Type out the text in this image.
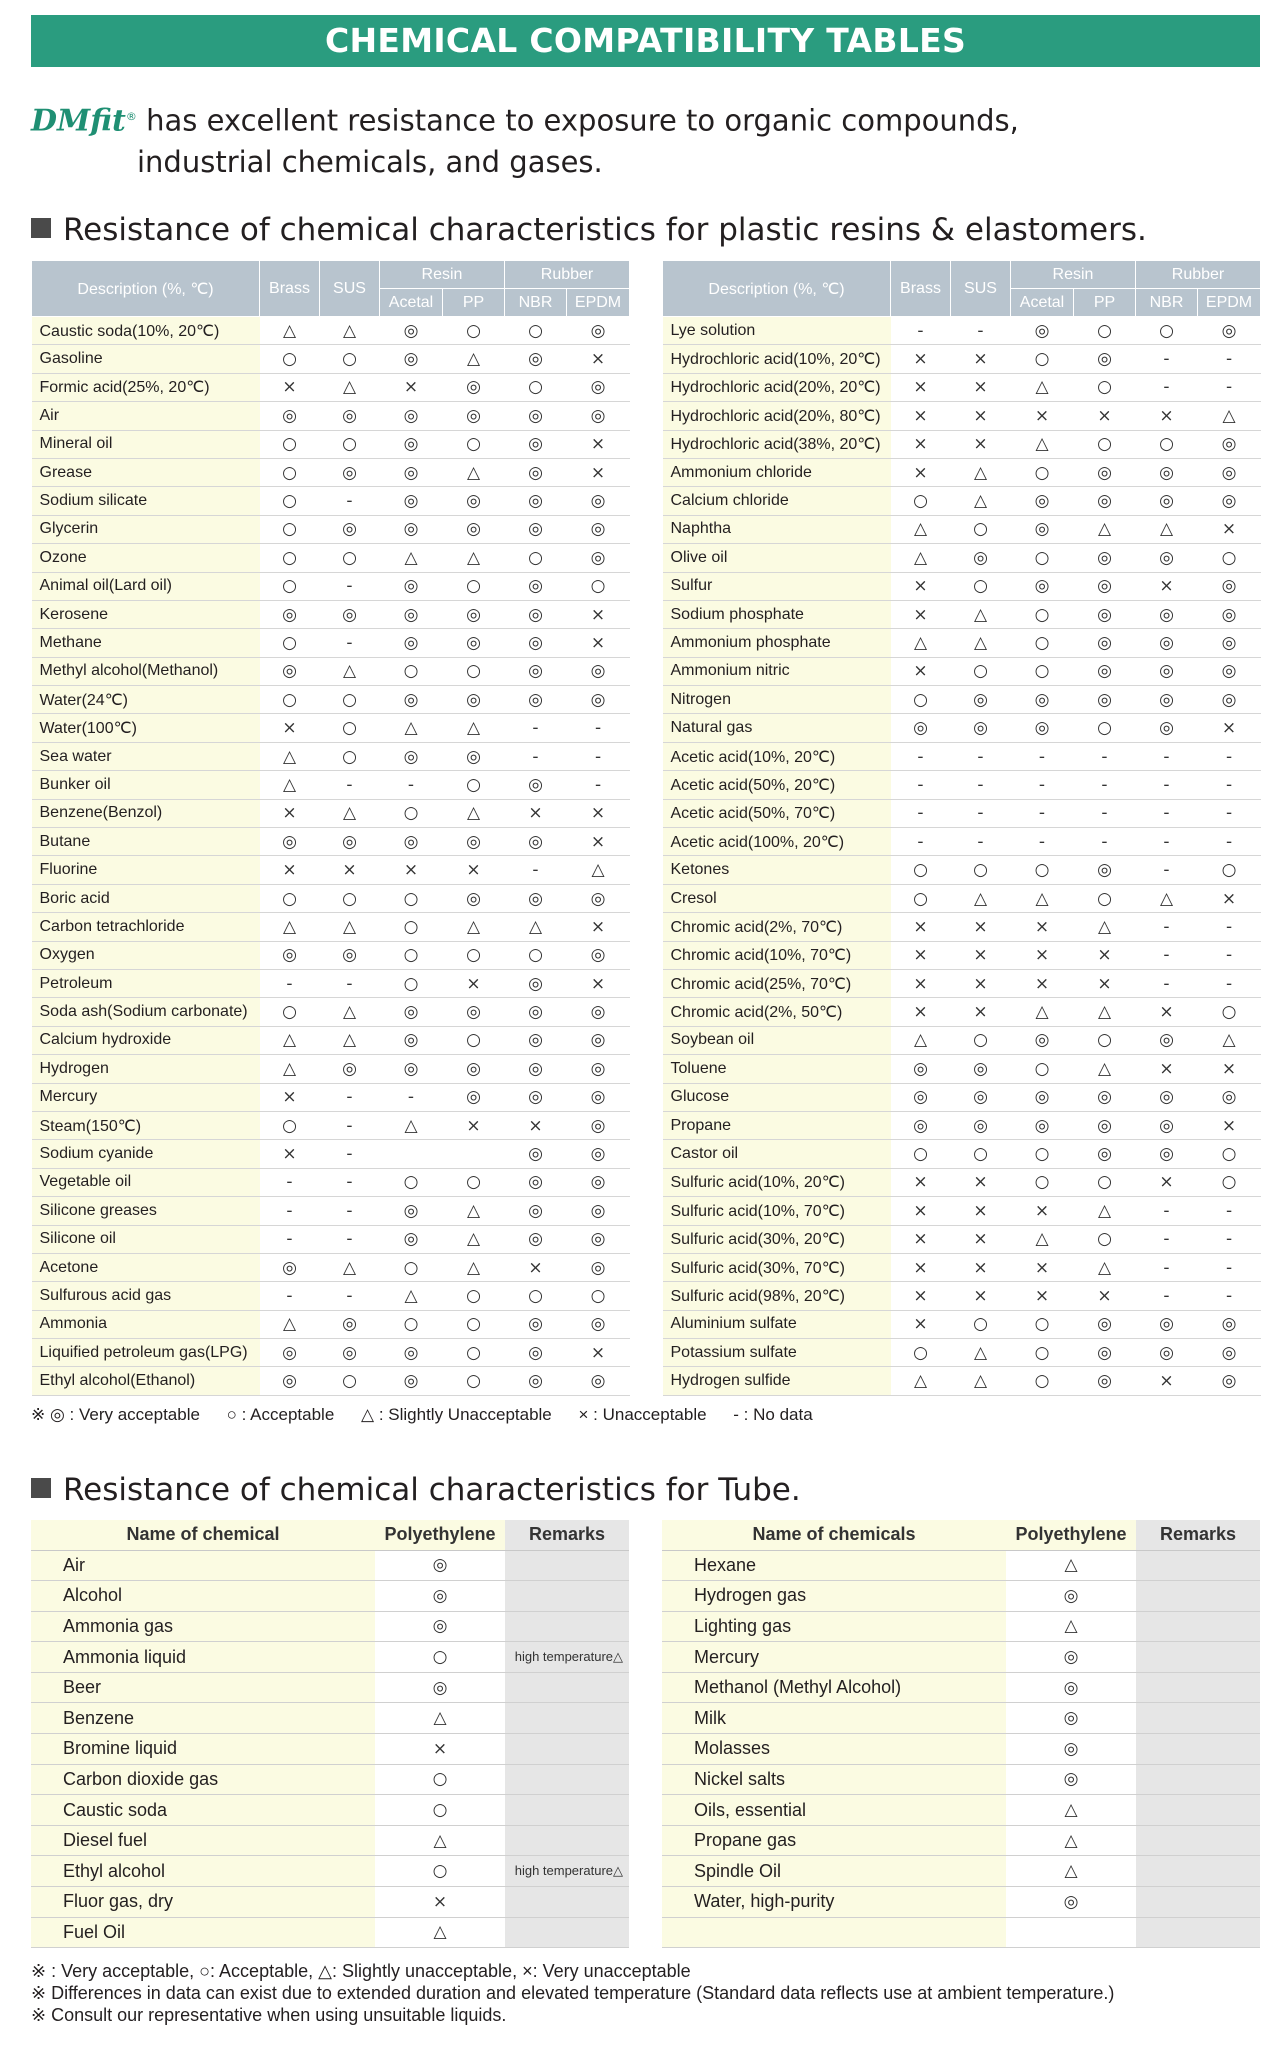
CHEMICAL COMPATIBILITY TABLES
DMfit® has excellent resistance to exposure to organic compounds,
industrial chemicals, and gases.
Resistance of chemical characteristics for plastic resins & elastomers.
Description (%, ℃)	Brass	SUS	Resin		Rubber	
			Acetal	PP	NBR	EPDM
Caustic soda(10%, 20℃)	△	△	◎	○	○	◎
Gasoline	○	○	◎	△	◎	×
Formic acid(25%, 20℃)	×	△	×	◎	○	◎
Air	◎	◎	◎	◎	◎	◎
Mineral oil	○	○	◎	○	◎	×
Grease	○	◎	◎	△	◎	×
Sodium silicate	○	-	◎	◎	◎	◎
Glycerin	○	◎	◎	◎	◎	◎
Ozone	○	○	△	△	○	◎
Animal oil(Lard oil)	○	-	◎	○	◎	○
Kerosene	◎	◎	◎	◎	◎	×
Methane	○	-	◎	◎	◎	×
Methyl alcohol(Methanol)	◎	△	○	○	◎	◎
Water(24℃)	○	○	◎	◎	◎	◎
Water(100℃)	×	○	△	△	-	-
Sea water	△	○	◎	◎	-	-
Bunker oil	△	-	-	○	◎	-
Benzene(Benzol)	×	△	○	△	×	×
Butane	◎	◎	◎	◎	◎	×
Fluorine	×	×	×	×	-	△
Boric acid	○	○	○	◎	◎	◎
Carbon tetrachloride	△	△	○	△	△	×
Oxygen	◎	◎	○	○	○	◎
Petroleum	-	-	○	×	◎	×
Soda ash(Sodium carbonate)	○	△	◎	◎	◎	◎
Calcium hydroxide	△	△	◎	○	◎	◎
Hydrogen	△	◎	◎	◎	◎	◎
Mercury	×	-	-	◎	◎	◎
Steam(150℃)	○	-	△	×	×	◎
Sodium cyanide	×	-			◎	◎
Vegetable oil	-	-	○	○	◎	◎
Silicone greases	-	-	◎	△	◎	◎
Silicone oil	-	-	◎	△	◎	◎
Acetone	◎	△	○	△	×	◎
Sulfurous acid gas	-	-	△	○	○	○
Ammonia	△	◎	○	○	◎	◎
Liquified petroleum gas(LPG)	◎	◎	◎	○	◎	×
Ethyl alcohol(Ethanol)	◎	○	◎	○	◎	◎
Description (%, ℃)	Brass	SUS	Resin		Rubber	
			Acetal	PP	NBR	EPDM
Lye solution	-	-	◎	○	○	◎
Hydrochloric acid(10%, 20℃)	×	×	○	◎	-	-
Hydrochloric acid(20%, 20℃)	×	×	△	○	-	-
Hydrochloric acid(20%, 80℃)	×	×	×	×	×	△
Hydrochloric acid(38%, 20℃)	×	×	△	○	○	◎
Ammonium chloride	×	△	○	◎	◎	◎
Calcium chloride	○	△	◎	◎	◎	◎
Naphtha	△	○	◎	△	△	×
Olive oil	△	◎	○	◎	◎	○
Sulfur	×	○	◎	◎	×	◎
Sodium phosphate	×	△	○	◎	◎	◎
Ammonium phosphate	△	△	○	◎	◎	◎
Ammonium nitric	×	○	○	◎	◎	◎
Nitrogen	○	◎	◎	◎	◎	◎
Natural gas	◎	◎	◎	○	◎	×
Acetic acid(10%, 20℃)	-	-	-	-	-	-
Acetic acid(50%, 20℃)	-	-	-	-	-	-
Acetic acid(50%, 70℃)	-	-	-	-	-	-
Acetic acid(100%, 20℃)	-	-	-	-	-	-
Ketones	○	○	○	◎	-	○
Cresol	○	△	△	○	△	×
Chromic acid(2%, 70℃)	×	×	×	△	-	-
Chromic acid(10%, 70℃)	×	×	×	×	-	-
Chromic acid(25%, 70℃)	×	×	×	×	-	-
Chromic acid(2%, 50℃)	×	×	△	△	×	○
Soybean oil	△	○	◎	○	◎	△
Toluene	◎	◎	○	△	×	×
Glucose	◎	◎	◎	◎	◎	◎
Propane	◎	◎	◎	◎	◎	×
Castor oil	○	○	○	◎	◎	○
Sulfuric acid(10%, 20℃)	×	×	○	○	×	○
Sulfuric acid(10%, 70℃)	×	×	×	△	-	-
Sulfuric acid(30%, 20℃)	×	×	△	○	-	-
Sulfuric acid(30%, 70℃)	×	×	×	△	-	-
Sulfuric acid(98%, 20℃)	×	×	×	×	-	-
Aluminium sulfate	×	○	○	◎	◎	◎
Potassium sulfate	○	△	○	◎	◎	◎
Hydrogen sulfide	△	△	○	◎	×	◎
※ ◎ : Very acceptable ○ : Acceptable △ : Slightly Unacceptable × : Unacceptable - : No data
Resistance of chemical characteristics for Tube.
Name of chemical	Polyethylene	Remarks
Air	◎	
Alcohol	◎	
Ammonia gas	◎	
Ammonia liquid	○	high temperature△
Beer	◎	
Benzene	△	
Bromine liquid	×	
Carbon dioxide gas	○	
Caustic soda	○	
Diesel fuel	△	
Ethyl alcohol	○	high temperature△
Fluor gas, dry	×	
Fuel Oil	△	
Name of chemicals	Polyethylene	Remarks
Hexane	△	
Hydrogen gas	◎	
Lighting gas	△	
Mercury	◎	
Methanol (Methyl Alcohol)	◎	
Milk	◎	
Molasses	◎	
Nickel salts	◎	
Oils, essential	△	
Propane gas	△	
Spindle Oil	△	
Water, high-purity	◎	

※ : Very acceptable, ○: Acceptable, △: Slightly unacceptable, ×: Very unacceptable
※ Differences in data can exist due to extended duration and elevated temperature (Standard data reflects use at ambient temperature.)
※ Consult our representative when using unsuitable liquids.
